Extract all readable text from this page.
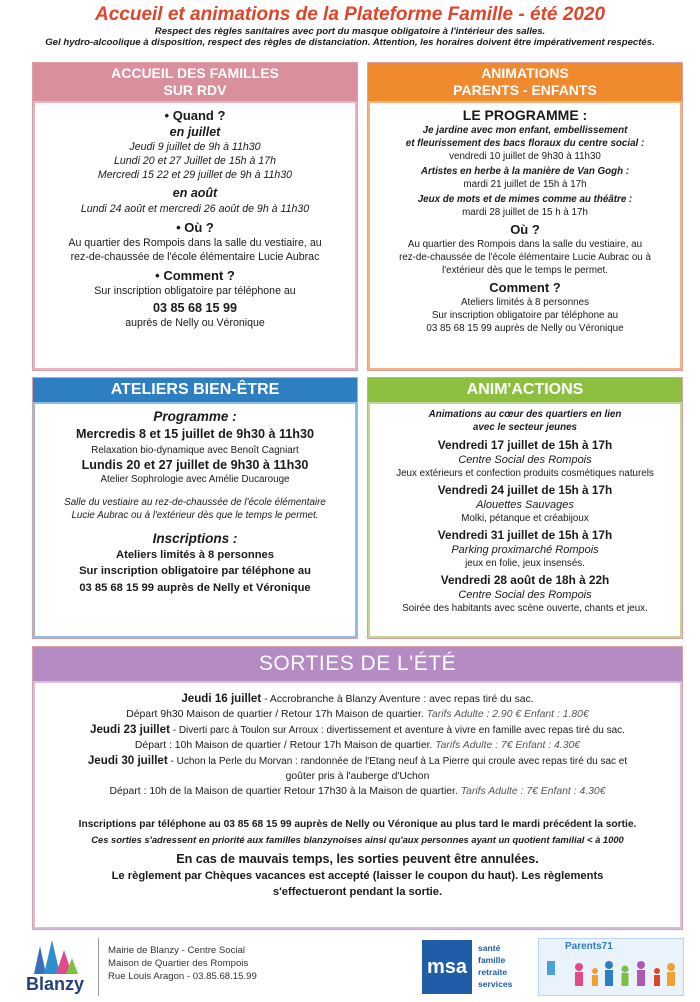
Accueil et animations de la Plateforme Famille - été 2020
Respect des règles sanitaires avec port du masque obligatoire à l'intérieur des salles.
Gel hydro-alcoolique à disposition, respect des règles de distanciation. Attention, les horaires doivent être impérativement respectés.
ACCUEIL DES FAMILLES
SUR RDV
• Quand ?
en juillet
Jeudi 9 juillet de 9h à 11h30
Lundi 20 et 27 Juillet de 15h à 17h
Mercredi 15 22 et 29 juillet de 9h à 11h30
en août
Lundi 24 août et mercredi 26 août de 9h à 11h30
• Où ?
Au quartier des Rompois dans la salle du vestiaire, au
rez-de-chaussée de l'école élémentaire Lucie Aubrac
• Comment ?
Sur inscription obligatoire par téléphone au
03 85 68 15 99
auprès de Nelly ou Véronique
ANIMATIONS
PARENTS - ENFANTS
LE PROGRAMME :
Je jardine avec mon enfant, embellissement
et fleurissement des bacs floraux du centre social :
vendredi 10 juillet de 9h30 à 11h30
Artistes en herbe à la manière de Van Gogh :
mardi 21 juillet de 15h à 17h
Jeux de mots et de mimes comme au théâtre :
mardi 28 juillet de 15 h à 17h
Où ?
Au quartier des Rompois dans la salle du vestiaire, au
rez-de-chaussée de l'école élémentaire Lucie Aubrac ou à
l'extérieur dès que le temps le permet.
Comment ?
Ateliers limités à 8 personnes
Sur inscription obligatoire par téléphone au
03 85 68 15 99 auprès de Nelly ou Véronique
ATELIERS BIEN-ÊTRE
Programme :
Mercredis 8 et 15 juillet de 9h30 à 11h30
Relaxation bio-dynamique avec Benoît Cagniart
Lundis 20 et 27 juillet de 9h30 à 11h30
Atelier Sophrologie avec Amélie Ducarouge
Salle du vestiaire au rez-de-chaussée de l'école élémentaire
Lucie Aubrac ou à l'extérieur dès que le temps le permet.
Inscriptions :
Ateliers limités à 8 personnes
Sur inscription obligatoire par téléphone au
03 85 68 15 99 auprès de Nelly et Véronique
ANIM'ACTIONS
Animations au cœur des quartiers en lien
avec le secteur jeunes
Vendredi 17 juillet de 15h à 17h
Centre Social des Rompois
Jeux extérieurs et confection produits cosmétiques naturels
Vendredi 24 juillet de 15h à 17h
Alouettes Sauvages
Molki, pétanque et créabijoux
Vendredi 31 juillet de 15h à 17h
Parking proximarché Rompois
jeux en folie, jeux insensés.
Vendredi 28 août de 18h à 22h
Centre Social des Rompois
Soirée des habitants avec scène ouverte, chants et jeux.
SORTIES DE L'ÉTÉ
Jeudi 16 juillet - Accrobranche à Blanzy Aventure : avec repas tiré du sac.
Départ 9h30 Maison de quartier / Retour 17h Maison de quartier. Tarifs Adulte : 2.90 € Enfant : 1.80€
Jeudi 23 juillet - Diverti parc à Toulon sur Arroux : divertissement et aventure à vivre en famille avec repas tiré du sac.
Départ : 10h Maison de quartier / Retour 17h Maison de quartier. Tarifs Adulte : 7€ Enfant : 4.30€
Jeudi 30 juillet - Uchon la Perle du Morvan : randonnée de l'Etang neuf à La Pierre qui croule avec repas tiré du sac et
goûter pris à l'auberge d'Uchon
Départ : 10h de la Maison de quartier Retour 17h30 à la Maison de quartier. Tarifs Adulte : 7€ Enfant : 4.30€
Inscriptions par téléphone au 03 85 68 15 99 auprès de Nelly ou Véronique au plus tard le mardi précédent la sortie.
Ces sorties s'adressent en priorité aux familles blanzynoises ainsi qu'aux personnes ayant un quotient familial < à 1000
En cas de mauvais temps, les sorties peuvent être annulées.
Le règlement par Chèques vacances est accepté (laisser le coupon du haut). Les règlements
s'effectueront pendant la sortie.
Blanzy
Mairie de Blanzy - Centre Social
Maison de Quartier des Rompois
Rue Louis Aragon - 03.85.68.15.99	msa
santé
famille
retraite
services
Parents71
